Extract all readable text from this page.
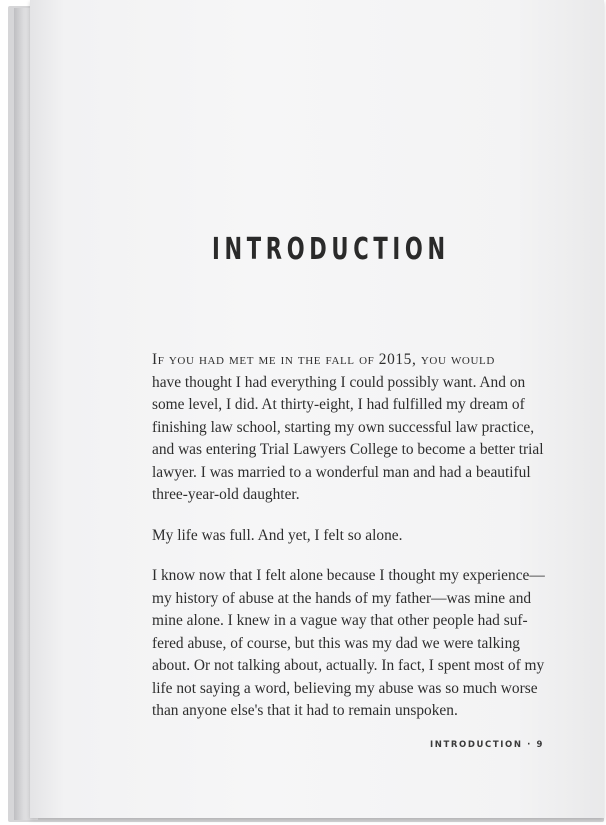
INTRODUCTION

If you had met me in the fall of 2015, you would
have thought I had everything I could possibly want. And on
some level, I did. At thirty-eight, I had fulfilled my dream of
finishing law school, starting my own successful law practice,
and was entering Trial Lawyers College to become a better trial
lawyer. I was married to a wonderful man and had a beautiful
three-year-old daughter.

My life was full. And yet, I felt so alone.

I know now that I felt alone because I thought my experience—
my history of abuse at the hands of my father—was mine and
mine alone. I knew in a vague way that other people had suf-
fered abuse, of course, but this was my dad we were talking
about. Or not talking about, actually. In fact, I spent most of my
life not saying a word, believing my abuse was so much worse
than anyone else's that it had to remain unspoken.

INTRODUCTION · 9
